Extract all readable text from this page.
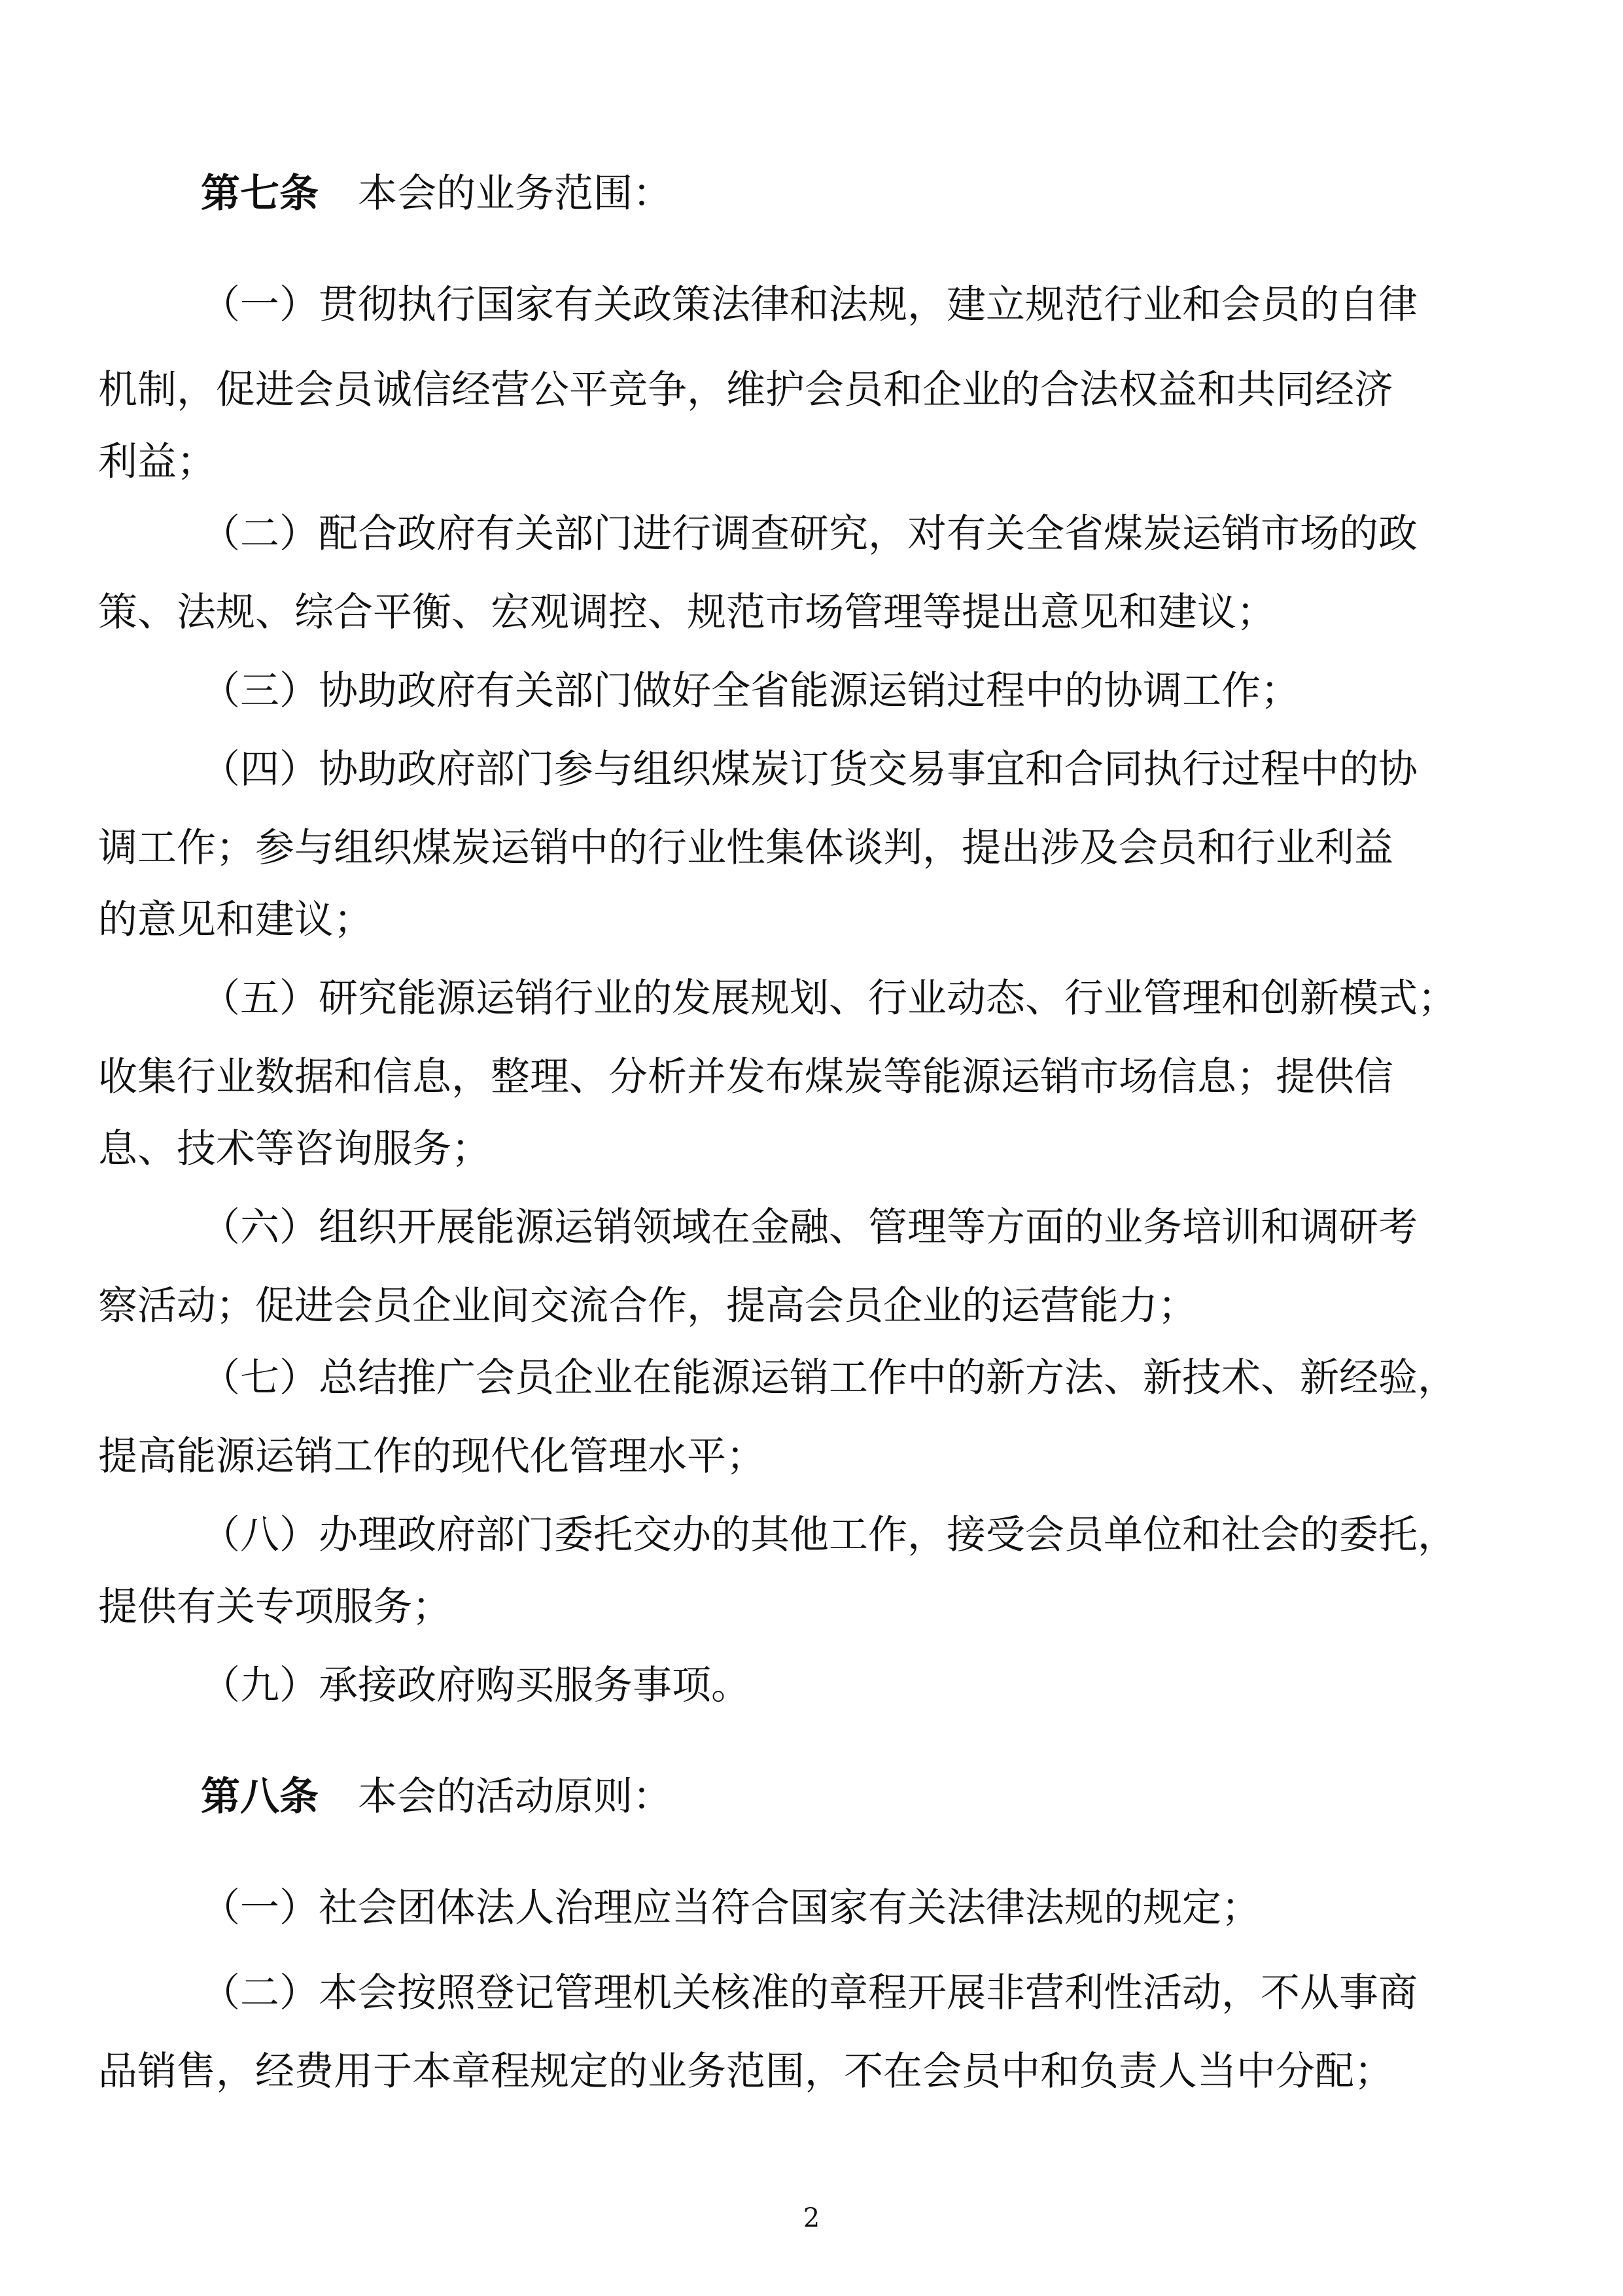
第七条 本会的业务范围：
（一）贯彻执行国家有关政策法律和法规，建立规范行业和会员的自律
机制，促进会员诚信经营公平竞争，维护会员和企业的合法权益和共同经济
利益；
（二）配合政府有关部门进行调查研究，对有关全省煤炭运销市场的政
策、法规、综合平衡、宏观调控、规范市场管理等提出意见和建议；
（三）协助政府有关部门做好全省能源运销过程中的协调工作；
（四）协助政府部门参与组织煤炭订货交易事宜和合同执行过程中的协
调工作；参与组织煤炭运销中的行业性集体谈判，提出涉及会员和行业利益
的意见和建议；
（五）研究能源运销行业的发展规划、行业动态、行业管理和创新模式；
收集行业数据和信息，整理、分析并发布煤炭等能源运销市场信息；提供信
息、技术等咨询服务；
（六）组织开展能源运销领域在金融、管理等方面的业务培训和调研考
察活动；促进会员企业间交流合作，提高会员企业的运营能力；
（七）总结推广会员企业在能源运销工作中的新方法、新技术、新经验，
提高能源运销工作的现代化管理水平；
（八）办理政府部门委托交办的其他工作，接受会员单位和社会的委托，
提供有关专项服务；
（九）承接政府购买服务事项。
第八条 本会的活动原则：
（一）社会团体法人治理应当符合国家有关法律法规的规定；
（二）本会按照登记管理机关核准的章程开展非营利性活动，不从事商
品销售，经费用于本章程规定的业务范围，不在会员中和负责人当中分配；
2
